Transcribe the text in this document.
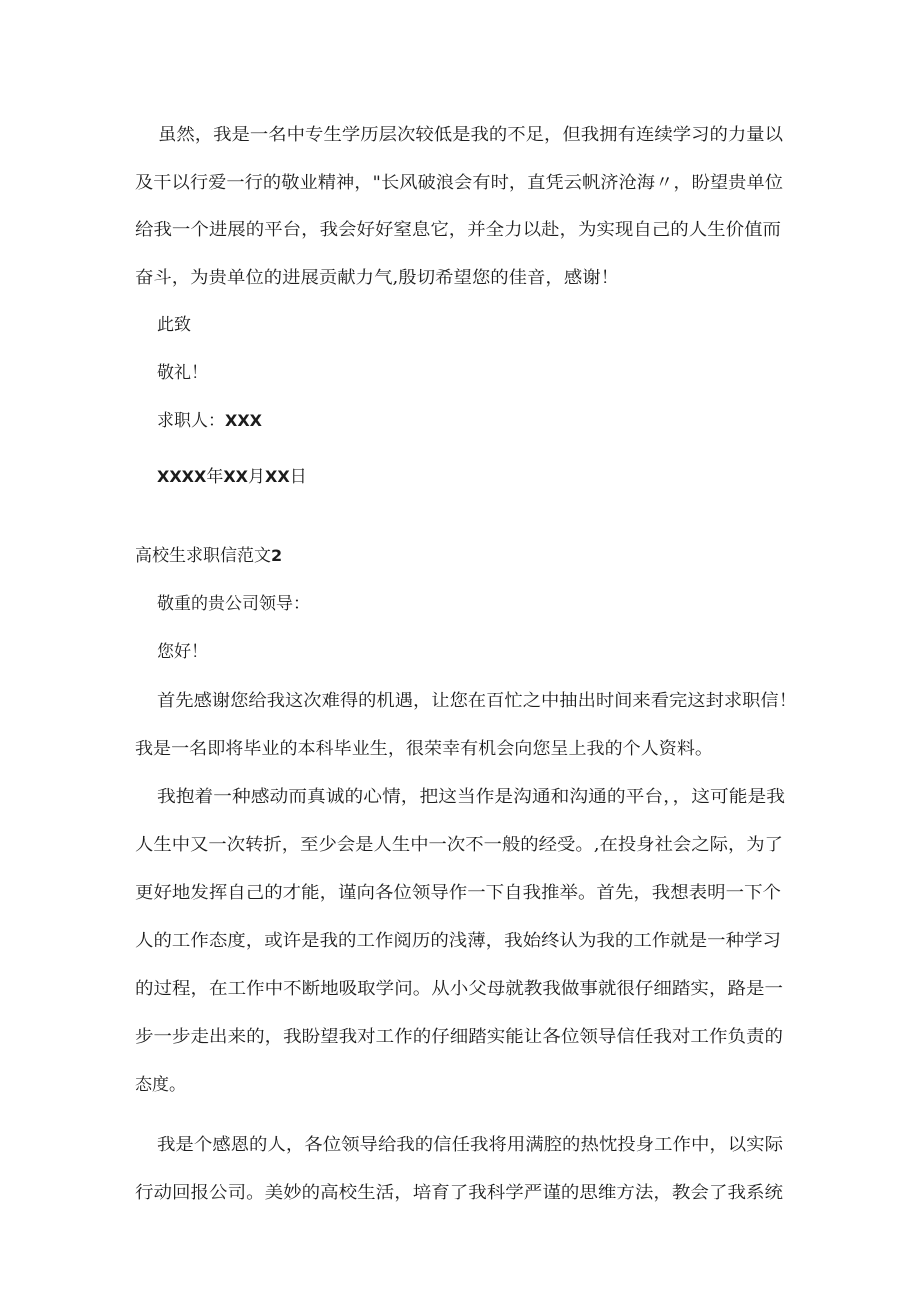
虽然，我是一名中专生学历层次较低是我的不足，但我拥有连续学习的力量以
及干以行爱一行的敬业精神，"长风破浪会有时，直凭云帆济沧海〃，盼望贵单位
给我一个进展的平台，我会好好窒息它，并全力以赴，为实现自己的人生价值而
奋斗，为贵单位的进展贡献力气,殷切希望您的佳音，感谢！
此致
敬礼！
求职人：XXX
XXXX年XX月XX日
高校生求职信范文2
敬重的贵公司领导：
您好！
首先感谢您给我这次难得的机遇，让您在百忙之中抽出时间来看完这封求职信！
我是一名即将毕业的本科毕业生，很荣幸有机会向您呈上我的个人资料。
我抱着一种感动而真诚的心情，把这当作是沟通和沟通的平台，，这可能是我
人生中又一次转折，至少会是人生中一次不一般的经受。,在投身社会之际，为了
更好地发挥自己的才能，谨向各位领导作一下自我推举。首先，我想表明一下个
人的工作态度，或许是我的工作阅历的浅薄，我始终认为我的工作就是一种学习
的过程，在工作中不断地吸取学问。从小父母就教我做事就很仔细踏实，路是一
步一步走出来的，我盼望我对工作的仔细踏实能让各位领导信任我对工作负责的
态度。
我是个感恩的人，各位领导给我的信任我将用满腔的热忱投身工作中，以实际
行动回报公司。美妙的高校生活，培育了我科学严谨的思维方法，教会了我系统
